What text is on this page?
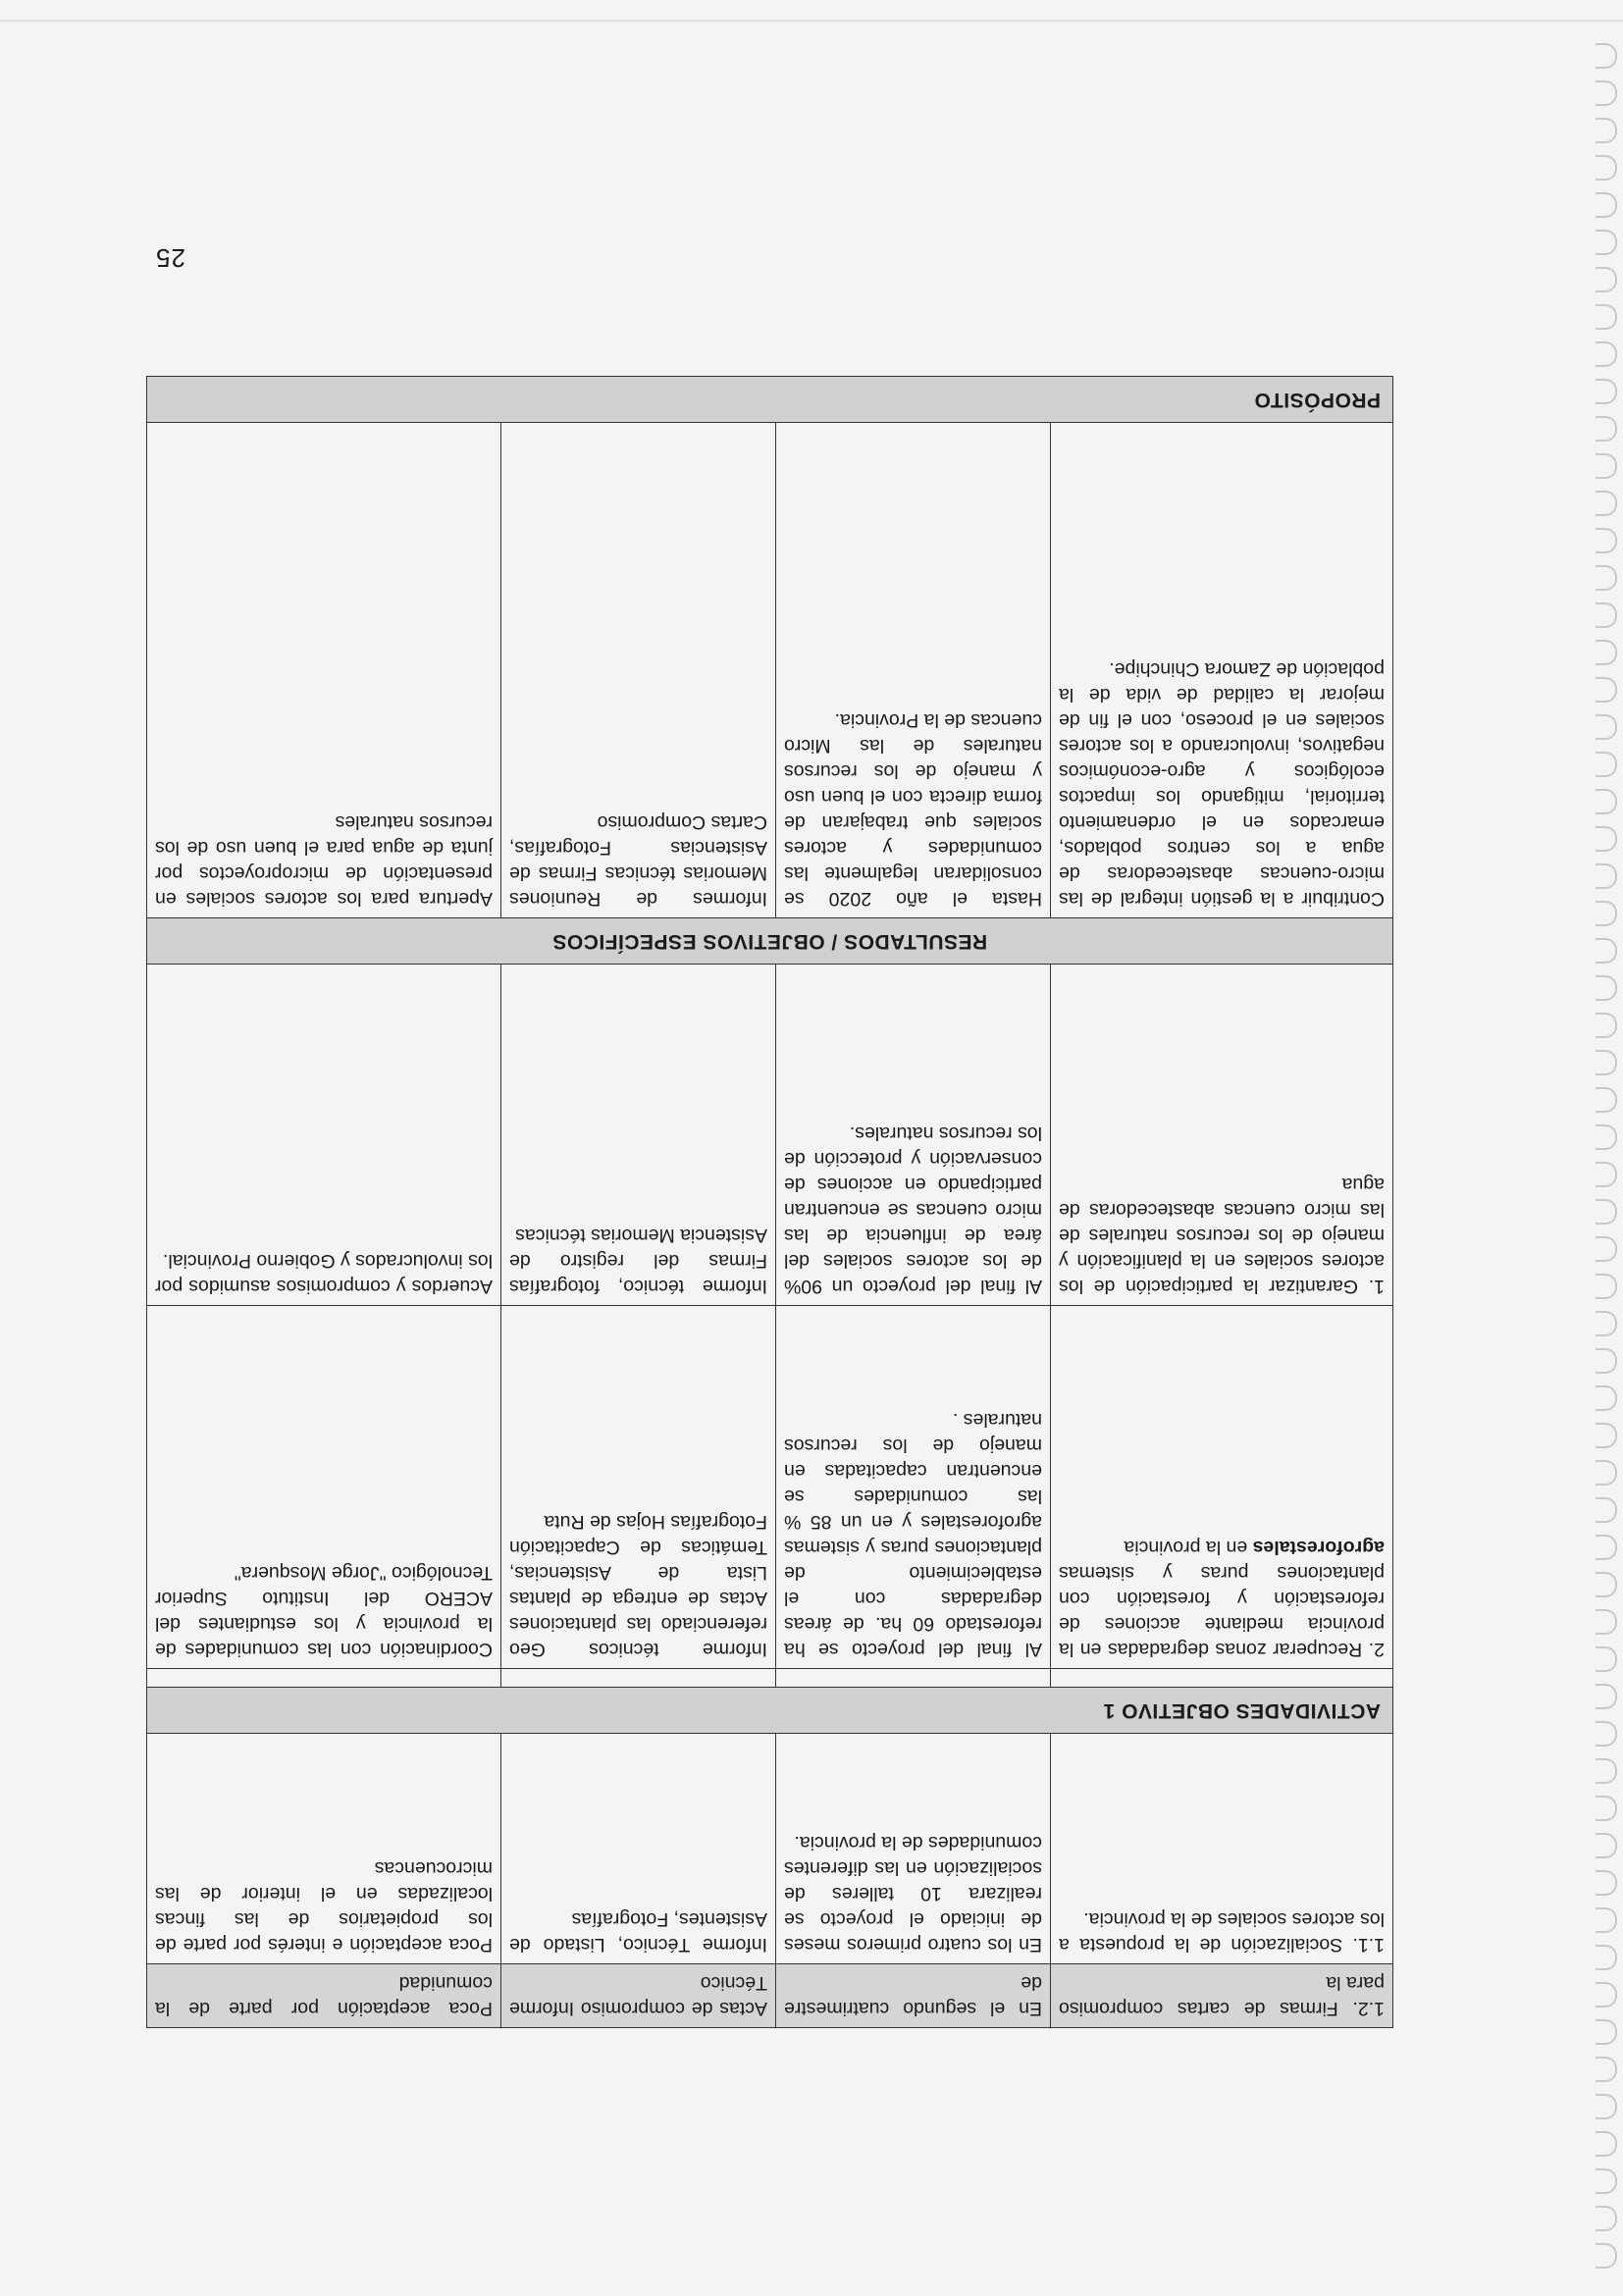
1.2. Firmas de cartas compromiso para la	En el segundo cuatrimestre de	Actas de compromiso Informe Técnico	Poca aceptación por parte de la comunidad
1.1. Socialización de la propuesta a los actores sociales de la provincia.	En los cuatro primeros meses de iniciado el proyecto se realizara 10 talleres de socialización en las diferentes comunidades de la provincia.	Informe Técnico, Listado de Asistentes, Fotografías	Poca aceptación e interés por parte de los propietarios de las fincas localizadas en el interior de las microcuencas
ACTIVIDADES OBJETIVO 1			

2. Recuperar zonas degradadas en la provincia mediante acciones de reforestación y forestación con plantaciones puras y sistemas agroforestales en la provincia	Al final del proyecto se ha reforestado 60 ha. de áreas degradadas con el establecimiento de plantaciones puras y sistemas agroforestales y en un 85 % las comunidades se encuentran capacitadas en manejo de los recursos naturales .	Informe técnicos Geo referenciado las plantaciones Actas de entrega de plantas Lista de Asistencias, Temáticas de Capacitación Fotografías Hojas de Ruta	Coordinación con las comunidades de la provincia y los estudiantes del ACERO del Instituto Superior Tecnológico "Jorge Mosquera"
1. Garantizar la participación de los actores sociales en la planificación y manejo de los recursos naturales de las micro cuencas abastecedoras de agua	Al final del proyecto un 90% de los actores sociales del área de influencia de las micro cuencas se encuentran participando en acciones de conservación y protección de los recursos naturales.	Informe técnico, fotografías Firmas del registro de Asistencia Memorias técnicas	Acuerdos y compromisos asumidos por los involucrados y Gobierno Provincial.
RESULTADOS / OBJETIVOS ESPECÍFICOS			
Contribuir a la gestión integral de las micro-cuencas abastecedoras de agua a los centros poblados, emarcados en el ordenamiento territorial, mitigando los impactos ecológicos y agro-económicos negativos, involucrando a los actores sociales en el proceso, con el fin de mejorar la calidad de vida de la población de Zamora Chinchipe.	Hasta el año 2020 se consolidaran legalmente las comunidades y actores sociales que trabajaran de forma directa con el buen uso y manejo de los recursos naturales de las Micro cuencas de la Provincia.	Informes de Reuniones Memorias técnicas Firmas de Asistencias Fotografías, Cartas Compromiso	Apertura para los actores sociales en presentación de microproyectos por junta de agua para el buen uso de los recursos naturales
PROPÓSITO			
25
